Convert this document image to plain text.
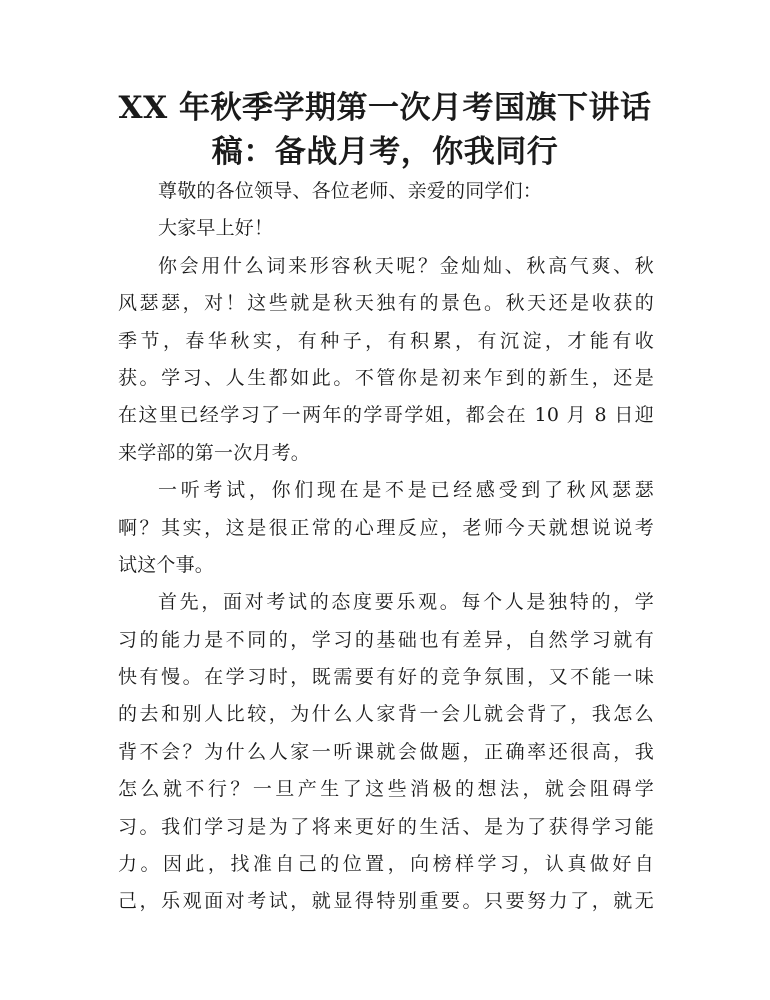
XX 年秋季学期第一次月考国旗下讲话
稿：备战月考，你我同行
尊敬的各位领导、各位老师、亲爱的同学们：
大家早上好！
你会用什么词来形容秋天呢？金灿灿、秋高气爽、秋
风瑟瑟，对！这些就是秋天独有的景色。秋天还是收获的
季节，春华秋实，有种子，有积累，有沉淀，才能有收
获。学习、人生都如此。不管你是初来乍到的新生，还是
在这里已经学习了一两年的学哥学姐，都会在 10 月 8 日迎
来学部的第一次月考。
一听考试，你们现在是不是已经感受到了秋风瑟瑟
啊？其实，这是很正常的心理反应，老师今天就想说说考
试这个事。
首先，面对考试的态度要乐观。每个人是独特的，学
习的能力是不同的，学习的基础也有差异，自然学习就有
快有慢。在学习时，既需要有好的竞争氛围，又不能一味
的去和别人比较，为什么人家背一会儿就会背了，我怎么
背不会？为什么人家一听课就会做题，正确率还很高，我
怎么就不行？一旦产生了这些消极的想法，就会阻碍学
习。我们学习是为了将来更好的生活、是为了获得学习能
力。因此，找准自己的位置，向榜样学习，认真做好自
己，乐观面对考试，就显得特别重要。只要努力了，就无
